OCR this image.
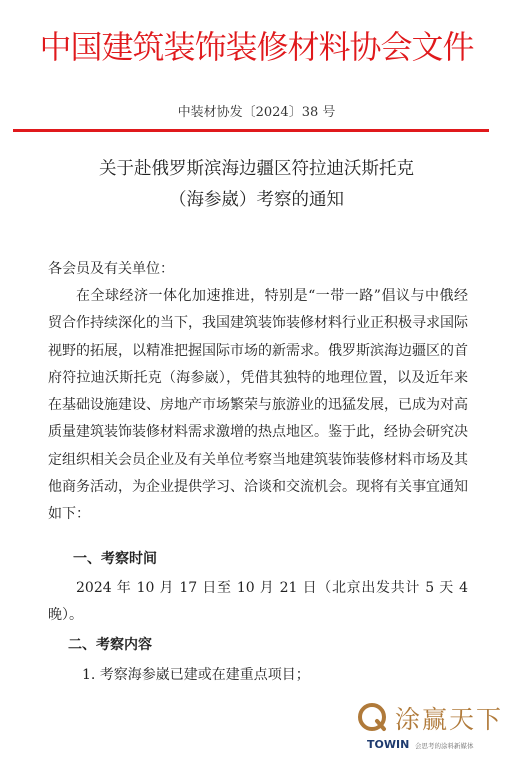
中国建筑装饰装修材料协会文件
中装材协发〔2024〕38 号
关于赴俄罗斯滨海边疆区符拉迪沃斯托克
（海参崴）考察的通知
各会员及有关单位：
在全球经济一体化加速推进，特别是“一带一路”倡议与中俄经贸合作持续深化的当下，我国建筑装饰装修材料行业正积极寻求国际视野的拓展，以精准把握国际市场的新需求。俄罗斯滨海边疆区的首府符拉迪沃斯托克（海参崴），凭借其独特的地理位置，以及近年来在基础设施建设、房地产市场繁荣与旅游业的迅猛发展，已成为对高质量建筑装饰装修材料需求激增的热点地区。鉴于此，经协会研究决定组织相关会员企业及有关单位考察当地建筑装饰装修材料市场及其他商务活动，为企业提供学习、洽谈和交流机会。现将有关事宜通知如下：
一、考察时间
2024 年 10 月 17 日至 10 月 21 日（北京出发共计 5 天 4 晚）。
二、考察内容
1. 考察海参崴已建或在建重点项目；
涂赢天下
TOWIN 会思考的涂料新媒体
